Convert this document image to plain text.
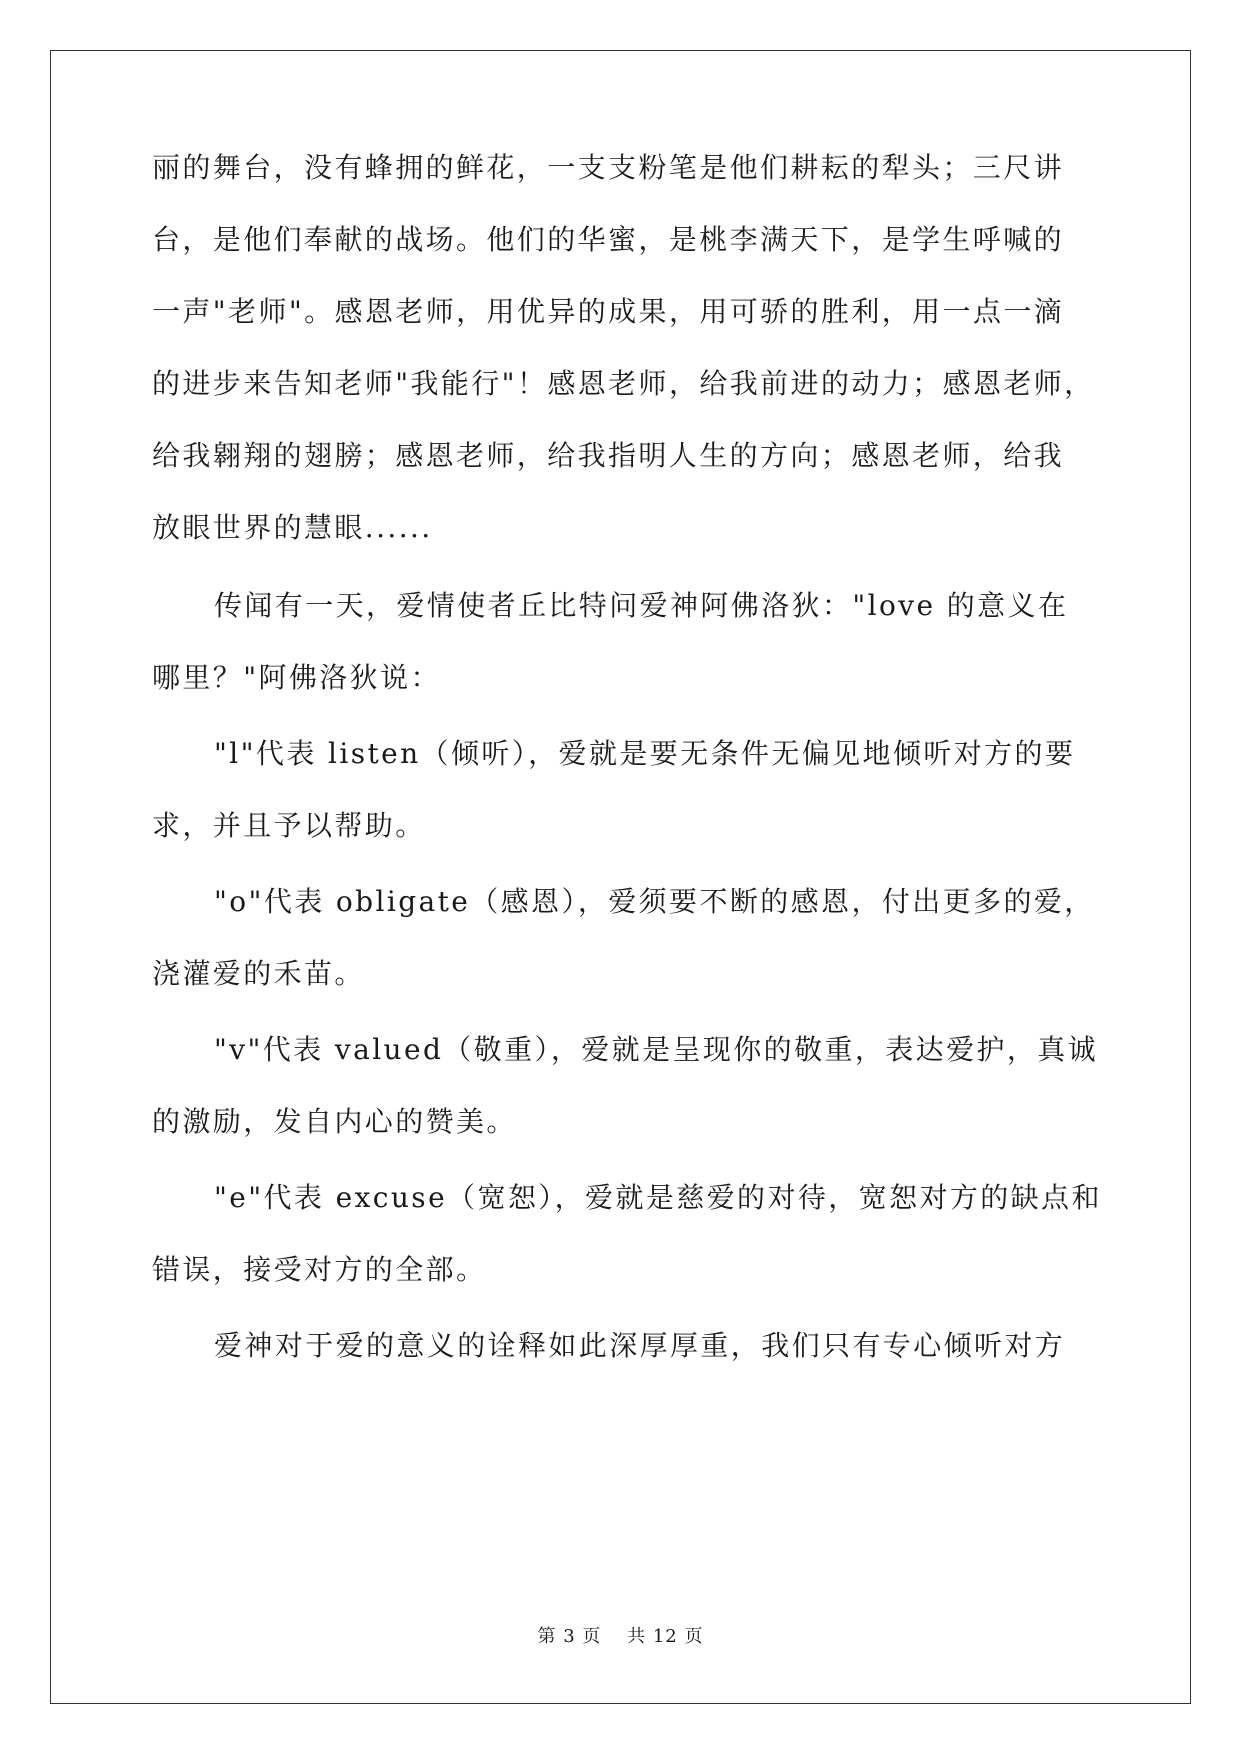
丽的舞台，没有蜂拥的鲜花，一支支粉笔是他们耕耘的犁头；三尺讲
台，是他们奉献的战场。他们的华蜜，是桃李满天下，是学生呼喊的
一声"老师"。感恩老师，用优异的成果，用可骄的胜利，用一点一滴
的进步来告知老师"我能行"！感恩老师，给我前进的动力；感恩老师，
给我翱翔的翅膀；感恩老师，给我指明人生的方向；感恩老师，给我
放眼世界的慧眼......
传闻有一天，爱情使者丘比特问爱神阿佛洛狄："love 的意义在
哪里？"阿佛洛狄说：
"l"代表 listen（倾听），爱就是要无条件无偏见地倾听对方的要
求，并且予以帮助。
"o"代表 obligate（感恩），爱须要不断的感恩，付出更多的爱，
浇灌爱的禾苗。
"v"代表 valued（敬重），爱就是呈现你的敬重，表达爱护，真诚
的激励，发自内心的赞美。
"e"代表 excuse（宽恕），爱就是慈爱的对待，宽恕对方的缺点和
错误，接受对方的全部。
爱神对于爱的意义的诠释如此深厚厚重，我们只有专心倾听对方
第 3 页　 共 12 页
